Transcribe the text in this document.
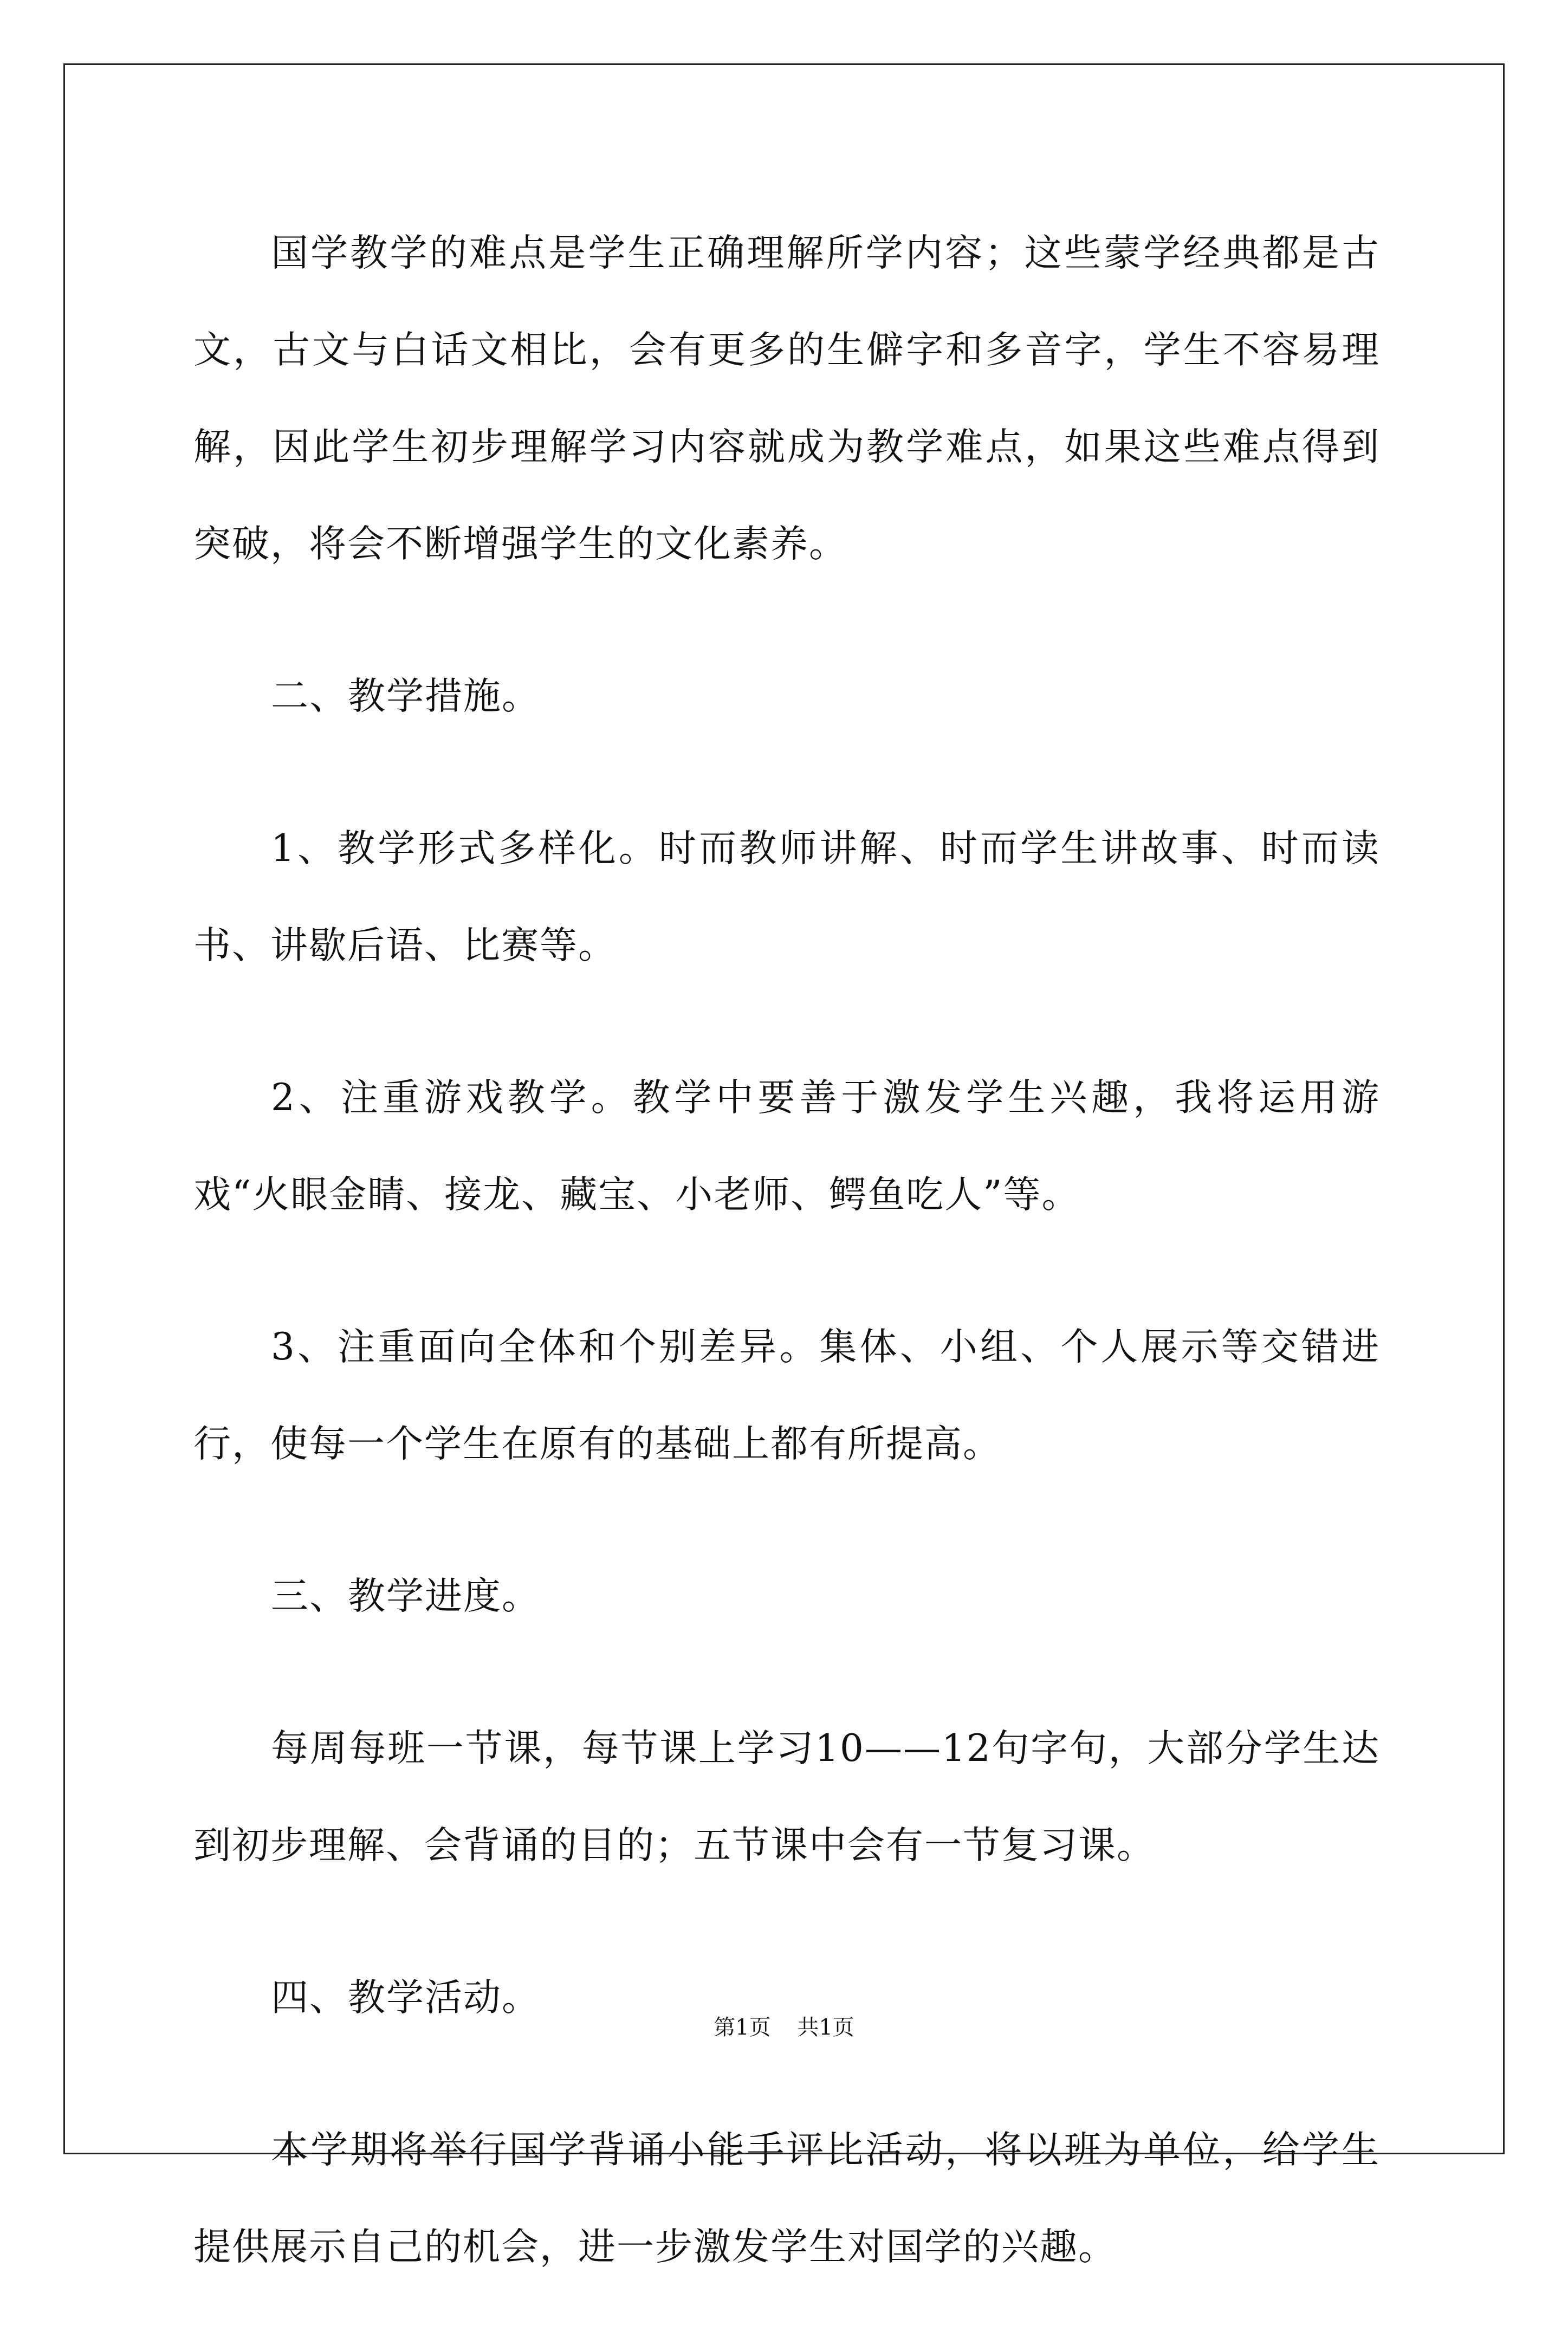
国学教学的难点是学生正确理解所学内容；这些蒙学经典都是古文，古文与白话文相比，会有更多的生僻字和多音字，学生不容易理解，因此学生初步理解学习内容就成为教学难点，如果这些难点得到突破，将会不断增强学生的文化素养。

二、教学措施。

1、教学形式多样化。时而教师讲解、时而学生讲故事、时而读书、讲歇后语、比赛等。

2、注重游戏教学。教学中要善于激发学生兴趣，我将运用游戏“火眼金睛、接龙、藏宝、小老师、鳄鱼吃人”等。

3、注重面向全体和个别差异。集体、小组、个人展示等交错进行，使每一个学生在原有的基础上都有所提高。

三、教学进度。

每周每班一节课，每节课上学习10——12句字句，大部分学生达到初步理解、会背诵的目的；五节课中会有一节复习课。

四、教学活动。

本学期将举行国学背诵小能手评比活动，将以班为单位，给学生提供展示自己的机会，进一步激发学生对国学的兴趣。

第1页 共1页
